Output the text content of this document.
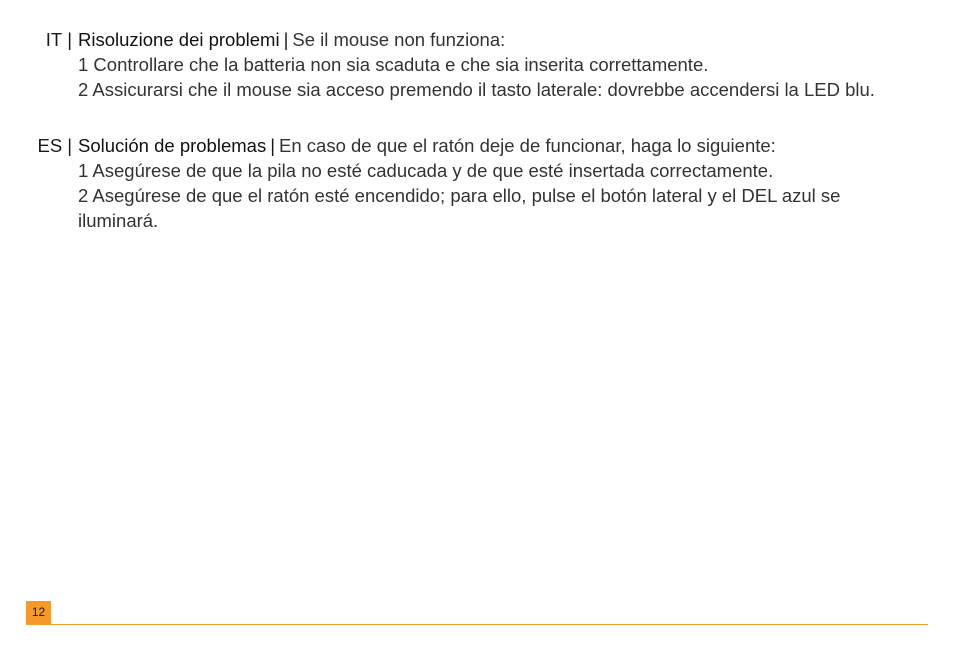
IT | Risoluzione dei problemi | Se il mouse non funziona:
1 Controllare che la batteria non sia scaduta e che sia inserita correttamente.
2 Assicurarsi che il mouse sia acceso premendo il tasto laterale: dovrebbe accendersi la LED blu.
ES | Solución de problemas | En caso de que el ratón deje de funcionar, haga lo siguiente:
1 Asegúrese de que la pila no esté caducada y de que esté insertada correctamente.
2 Asegúrese de que el ratón esté encendido; para ello, pulse el botón lateral y el DEL azul se iluminará.
12
